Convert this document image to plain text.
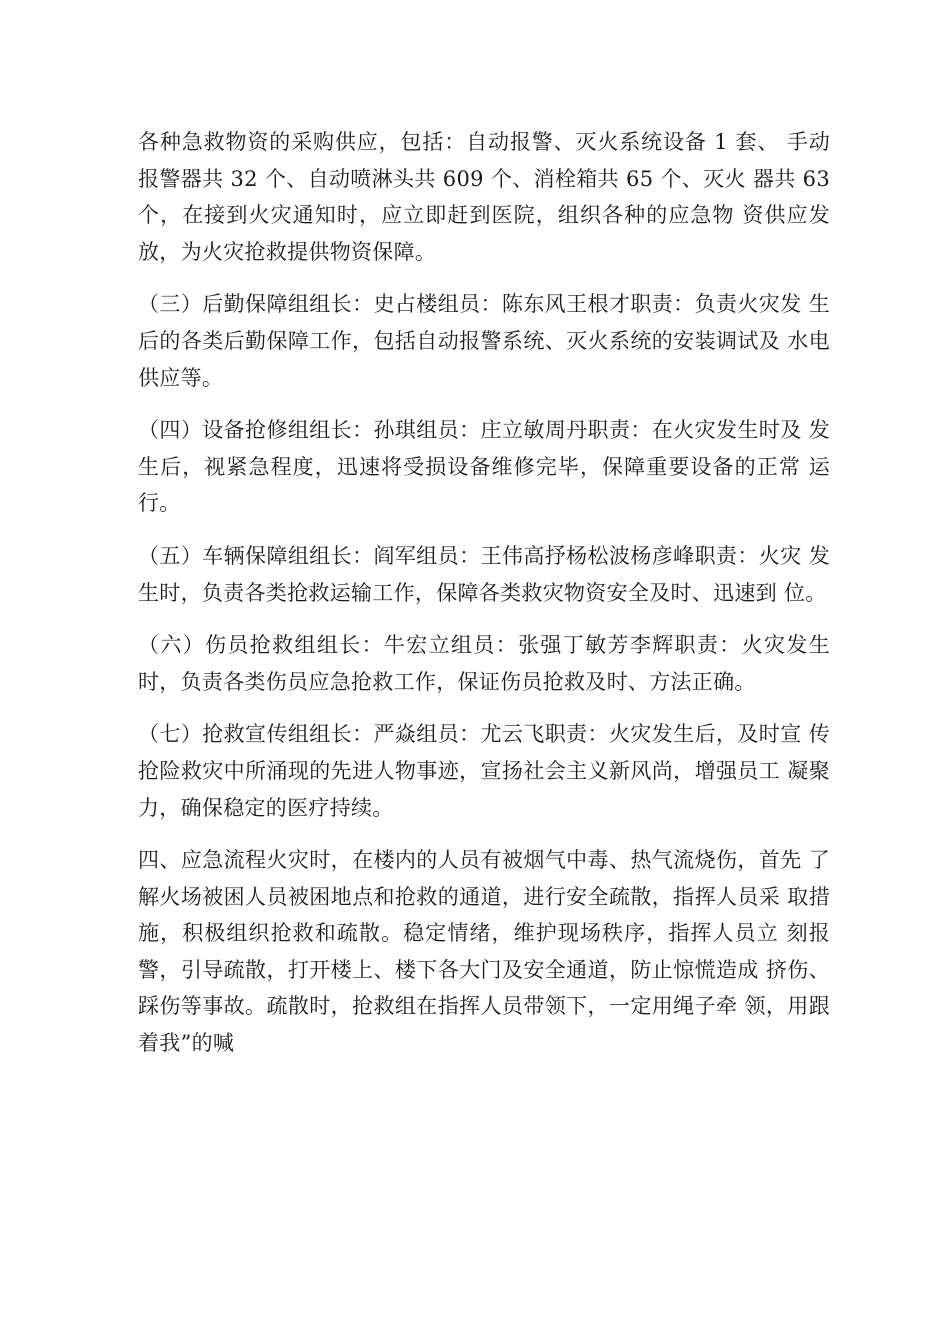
各种急救物资的采购供应，包括：自动报警、灭火系统设备 1 套、 手动报警器共 32 个、自动喷淋头共 609 个、消栓箱共 65 个、灭火 器共 63 个，在接到火灾通知时，应立即赶到医院，组织各种的应急物 资供应发放，为火灾抢救提供物资保障。

（三）后勤保障组组长：史占楼组员：陈东风王根才职责：负责火灾发 生后的各类后勤保障工作，包括自动报警系统、灭火系统的安装调试及 水电供应等。

（四）设备抢修组组长：孙琪组员：庄立敏周丹职责：在火灾发生时及 发生后，视紧急程度，迅速将受损设备维修完毕，保障重要设备的正常 运行。

（五）车辆保障组组长：阎军组员：王伟高抒杨松波杨彦峰职责：火灾 发生时，负责各类抢救运输工作，保障各类救灾物资安全及时、迅速到 位。

（六）伤员抢救组组长：牛宏立组员：张强丁敏芳李辉职责：火灾发生 时，负责各类伤员应急抢救工作，保证伤员抢救及时、方法正确。

（七）抢救宣传组组长：严焱组员：尤云飞职责：火灾发生后，及时宣 传抢险救灾中所涌现的先进人物事迹，宣扬社会主义新风尚，增强员工 凝聚力，确保稳定的医疗持续。

四、应急流程火灾时，在楼内的人员有被烟气中毒、热气流烧伤，首先 了解火场被困人员被困地点和抢救的通道，进行安全疏散，指挥人员采 取措施，积极组织抢救和疏散。稳定情绪，维护现场秩序，指挥人员立 刻报警，引导疏散，打开楼上、楼下各大门及安全通道，防止惊慌造成 挤伤、踩伤等事故。疏散时，抢救组在指挥人员带领下，一定用绳子牵 领，用跟着我”的喊
